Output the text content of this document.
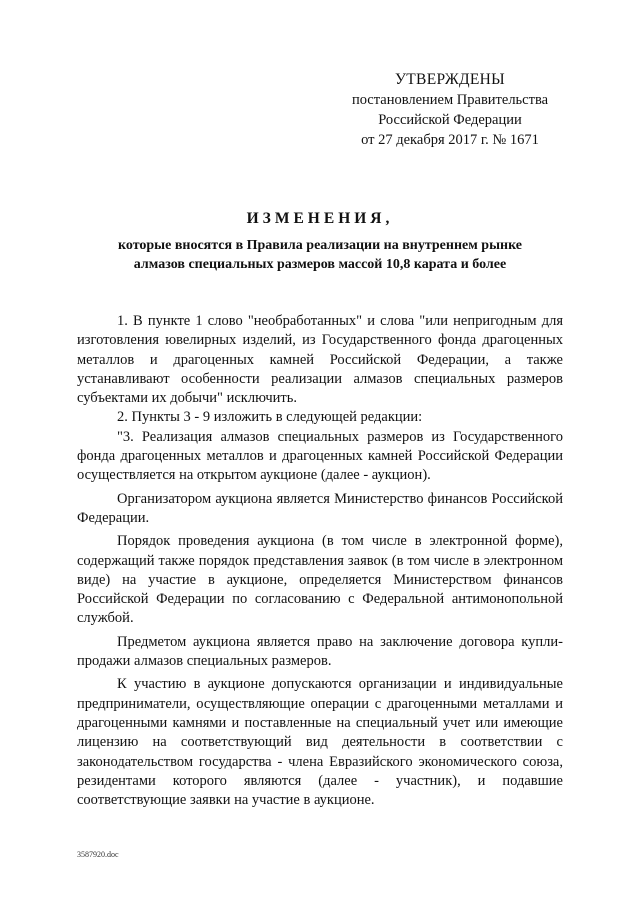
УТВЕРЖДЕНЫ
постановлением Правительства
Российской Федерации
от 27 декабря 2017 г. № 1671
ИЗМЕНЕНИЯ,
которые вносятся в Правила реализации на внутреннем рынке
алмазов специальных размеров массой 10,8 карата и более

1. В пункте 1 слово "необработанных" и слова "или непригодным для изготовления ювелирных изделий, из Государственного фонда драгоценных металлов и драгоценных камней Российской Федерации, а также устанавливают особенности реализации алмазов специальных размеров субъектами их добычи" исключить.

2. Пункты 3 - 9 изложить в следующей редакции:

"3. Реализация алмазов специальных размеров из Государственного фонда драгоценных металлов и драгоценных камней Российской Федерации осуществляется на открытом аукционе (далее - аукцион).

Организатором аукциона является Министерство финансов Российской Федерации.

Порядок проведения аукциона (в том числе в электронной форме), содержащий также порядок представления заявок (в том числе в электронном виде) на участие в аукционе, определяется Министерством финансов Российской Федерации по согласованию с Федеральной антимонопольной службой.

Предметом аукциона является право на заключение договора купли-продажи алмазов специальных размеров.

К участию в аукционе допускаются организации и индивидуальные предприниматели, осуществляющие операции с драгоценными металлами и драгоценными камнями и поставленные на специальный учет или имеющие лицензию на соответствующий вид деятельности в соответствии с законодательством государства - члена Евразийского экономического союза, резидентами которого являются (далее - участник), и подавшие соответствующие заявки на участие в аукционе.

3587920.doc
